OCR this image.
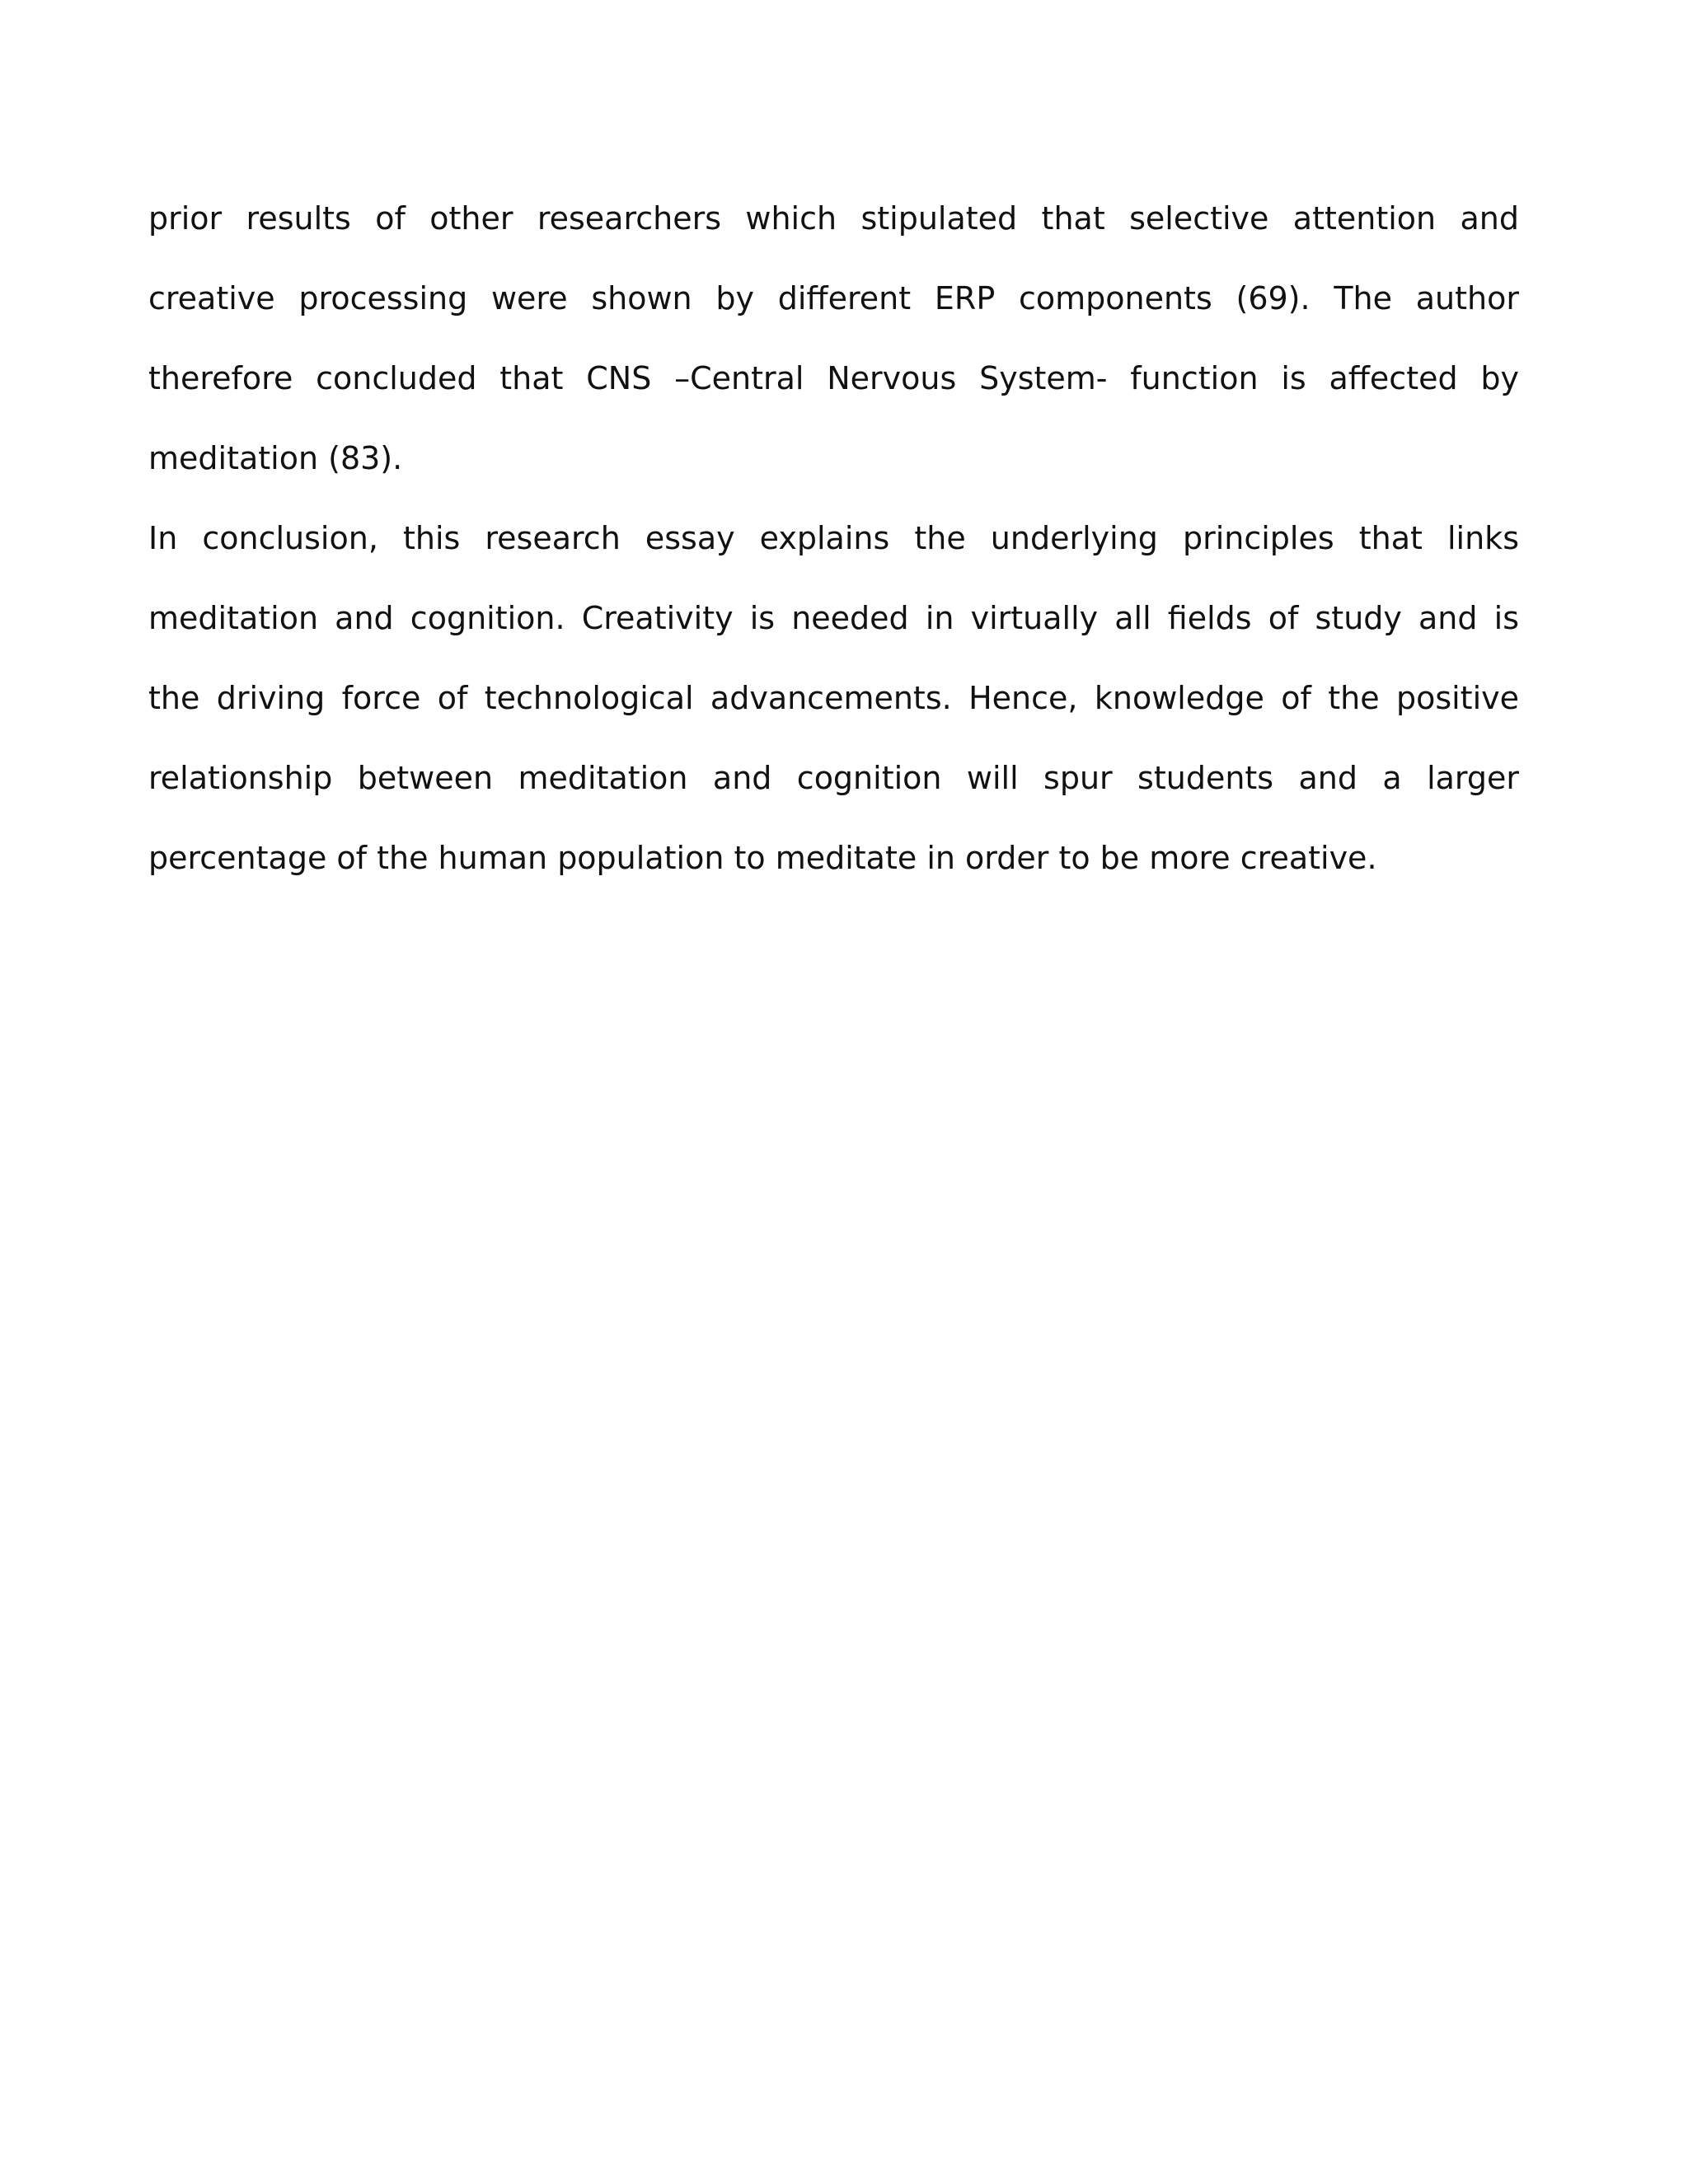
prior results of other researchers which stipulated that selective attention and
creative processing were shown by different ERP components (69). The author
therefore concluded that CNS –Central Nervous System- function is affected by
meditation (83).
In conclusion, this research essay explains the underlying principles that links
meditation and cognition. Creativity is needed in virtually all fields of study and is
the driving force of technological advancements. Hence, knowledge of the positive
relationship between meditation and cognition will spur students and a larger
percentage of the human population to meditate in order to be more creative.
